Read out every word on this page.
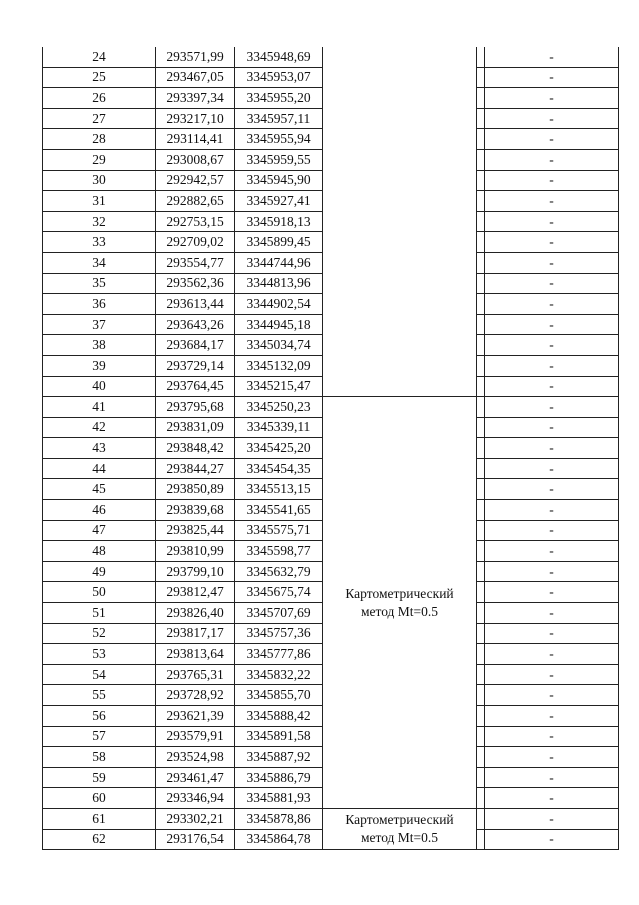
24	293571,99	3345948,69			-
25	293467,05	3345953,07			-
26	293397,34	3345955,20			-
27	293217,10	3345957,11			-
28	293114,41	3345955,94			-
29	293008,67	3345959,55			-
30	292942,57	3345945,90			-
31	292882,65	3345927,41			-
32	292753,15	3345918,13			-
33	292709,02	3345899,45			-
34	293554,77	3344744,96			-
35	293562,36	3344813,96			-
36	293613,44	3344902,54			-
37	293643,26	3344945,18			-
38	293684,17	3345034,74			-
39	293729,14	3345132,09			-
40	293764,45	3345215,47			-
41	293795,68	3345250,23	Картометрический
метод Mt=0.5		-
42	293831,09	3345339,11			-
43	293848,42	3345425,20			-
44	293844,27	3345454,35			-
45	293850,89	3345513,15			-
46	293839,68	3345541,65			-
47	293825,44	3345575,71			-
48	293810,99	3345598,77			-
49	293799,10	3345632,79			-
50	293812,47	3345675,74			-
51	293826,40	3345707,69			-
52	293817,17	3345757,36			-
53	293813,64	3345777,86			-
54	293765,31	3345832,22			-
55	293728,92	3345855,70			-
56	293621,39	3345888,42			-
57	293579,91	3345891,58			-
58	293524,98	3345887,92			-
59	293461,47	3345886,79			-
60	293346,94	3345881,93			-
61	293302,21	3345878,86	Картометрический
метод Mt=0.5		-
62	293176,54	3345864,78			-
